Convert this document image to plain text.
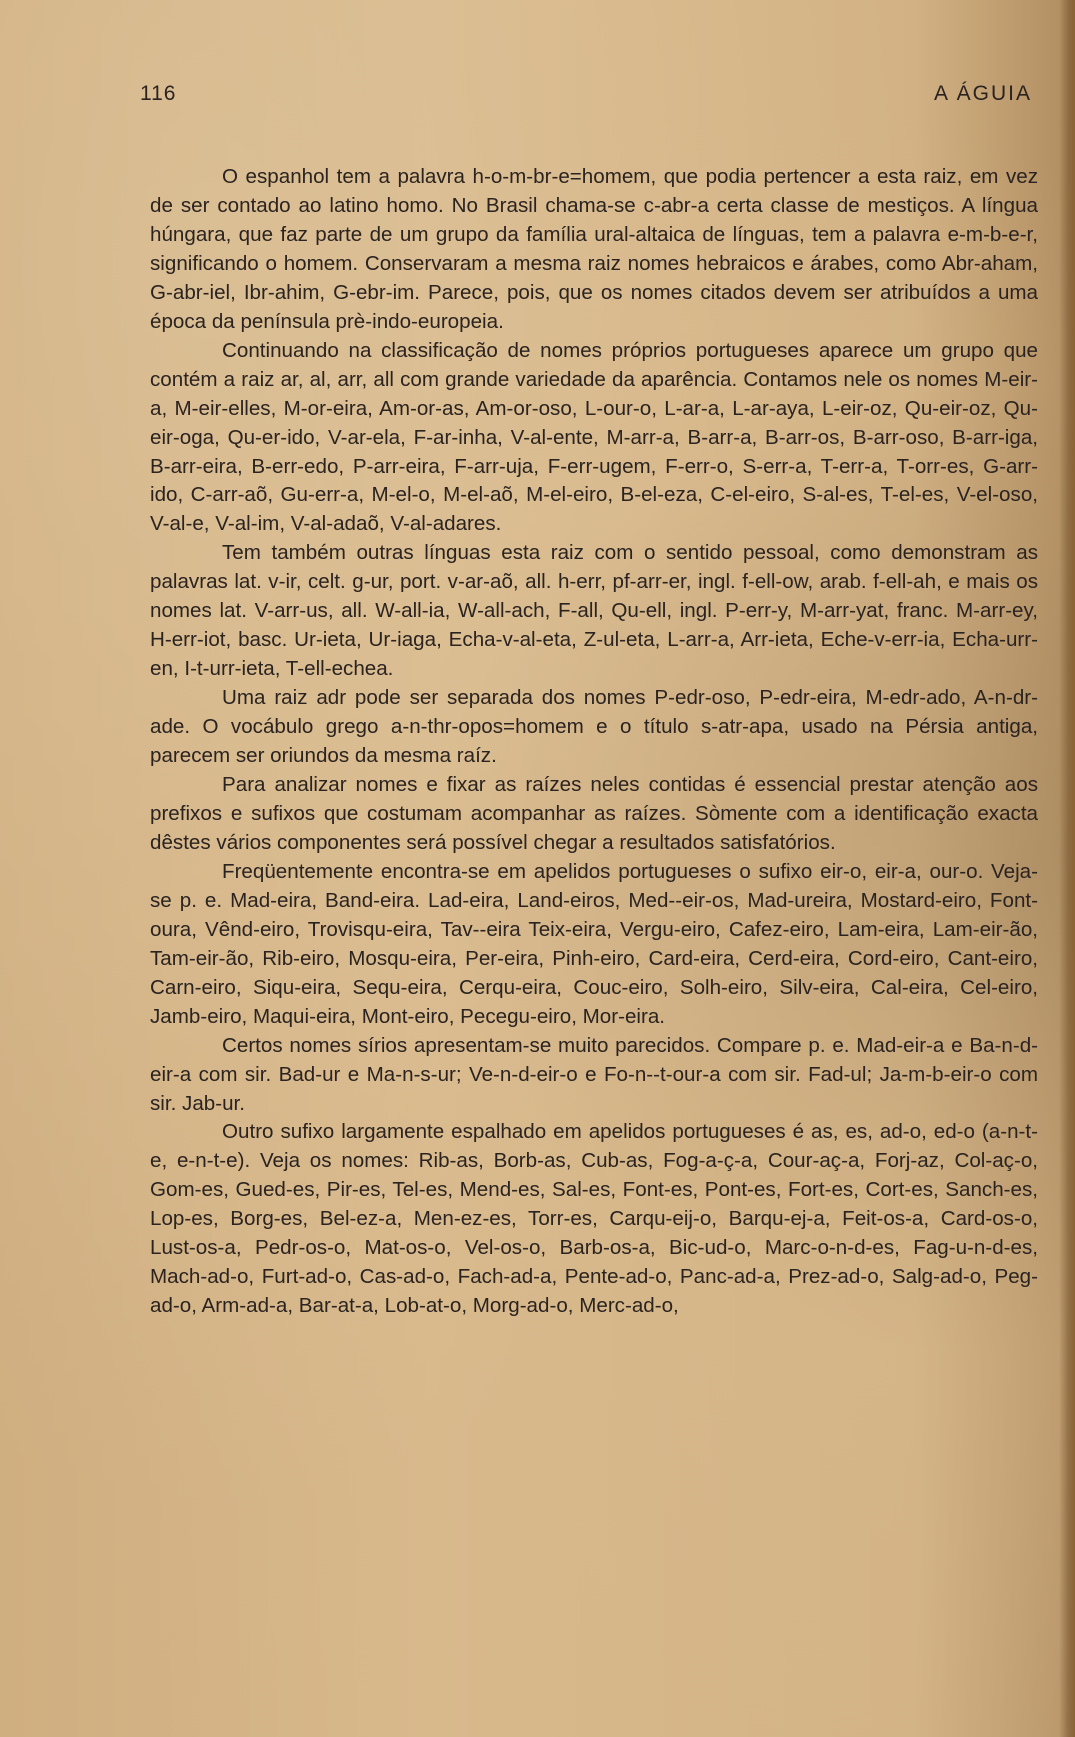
116	A ÁGUIA

O espanhol tem a palavra h-o-m-br-e=homem, que podia pertencer a esta raiz, em vez de ser contado ao latino homo. No Brasil chama-se c-abr-a certa classe de mestiços. A língua húngara, que faz parte de um grupo da família ural-altaica de línguas, tem a palavra e-m-b-e-r, significando o homem. Conservaram a mesma raiz nomes hebraicos e árabes, como Abr-aham, G-abr-iel, Ibr-ahim, G-ebr-im. Parece, pois, que os nomes citados devem ser atribuídos a uma época da península prè-indo-europeia.

Continuando na classificação de nomes próprios portugueses aparece um grupo que contém a raiz ar, al, arr, all com grande variedade da aparência. Contamos nele os nomes M-eir-a, M-eir-elles, M-or-eira, Am-or-as, Am-or-oso, L-our-o, L-ar-a, L-ar-aya, L-eir-oz, Qu-eir-oz, Qu-eir-oga, Qu-er-ido, V-ar-ela, F-ar-inha, V-al-ente, M-arr-a, B-arr-a, B-arr-os, B-arr-oso, B-arr-iga, B-arr-eira, B-err-edo, P-arr-eira, F-arr-uja, F-err-ugem, F-err-o, S-err-a, T-err-a, T-orr-es, G-arr-ido, C-arr-aõ, Gu-err-a, M-el-o, M-el-aõ, M-el-eiro, B-el-eza, C-el-eiro, S-al-es, T-el-es, V-el-oso, V-al-e, V-al-im, V-al-adaõ, V-al-adares.

Tem também outras línguas esta raiz com o sentido pessoal, como demonstram as palavras lat. v-ir, celt. g-ur, port. v-ar-aõ, all. h-err, pf-arr-er, ingl. f-ell-ow, arab. f-ell-ah, e mais os nomes lat. V-arr-us, all. W-all-ia, W-all-ach, F-all, Qu-ell, ingl. P-err-y, M-arr-yat, franc. M-arr-ey, H-err-iot, basc. Ur-ieta, Ur-iaga, Echa-v-al-eta, Z-ul-eta, L-arr-a, Arr-ieta, Eche-v-err-ia, Echa-urr-en, I-t-urr-ieta, T-ell-echea.

Uma raiz adr pode ser separada dos nomes P-edr-oso, P-edr-eira, M-edr-ado, A-n-dr-ade. O vocábulo grego a-n-thr-opos=homem e o título s-atr-apa, usado na Pérsia antiga, parecem ser oriundos da mesma raíz.

Para analizar nomes e fixar as raízes neles contidas é essencial prestar atenção aos prefixos e sufixos que costumam acompanhar as raízes. Sòmente com a identificação exacta dêstes vários componentes será possível chegar a resultados satisfatórios.

Freqüentemente encontra-se em apelidos portugueses o sufixo eir-o, eir-a, our-o. Veja-se p. e. Mad-eira, Band-eira. Lad-eira, Land-eiros, Med--eir-os, Mad-ureira, Mostard-eiro, Font-oura, Vênd-eiro, Trovisqu-eira, Tav--eira Teix-eira, Vergu-eiro, Cafez-eiro, Lam-eira, Lam-eir-ão, Tam-eir-ão, Rib-eiro, Mosqu-eira, Per-eira, Pinh-eiro, Card-eira, Cerd-eira, Cord-eiro, Cant-eiro, Carn-eiro, Siqu-eira, Sequ-eira, Cerqu-eira, Couc-eiro, Solh-eiro, Silv-eira, Cal-eira, Cel-eiro, Jamb-eiro, Maqui-eira, Mont-eiro, Pecegu-eiro, Mor-eira.

Certos nomes sírios apresentam-se muito parecidos. Compare p. e. Mad-eir-a e Ba-n-d-eir-a com sir. Bad-ur e Ma-n-s-ur; Ve-n-d-eir-o e Fo-n--t-our-a com sir. Fad-ul; Ja-m-b-eir-o com sir. Jab-ur.

Outro sufixo largamente espalhado em apelidos portugueses é as, es, ad-o, ed-o (a-n-t-e, e-n-t-e). Veja os nomes: Rib-as, Borb-as, Cub-as, Fog-a-ç-a, Cour-aç-a, Forj-az, Col-aç-o, Gom-es, Gued-es, Pir-es, Tel-es, Mend-es, Sal-es, Font-es, Pont-es, Fort-es, Cort-es, Sanch-es, Lop-es, Borg-es, Bel-ez-a, Men-ez-es, Torr-es, Carqu-eij-o, Barqu-ej-a, Feit-os-a, Card-os-o, Lust-os-a, Pedr-os-o, Mat-os-o, Vel-os-o, Barb-os-a, Bic-ud-o, Marc-o-n-d-es, Fag-u-n-d-es, Mach-ad-o, Furt-ad-o, Cas-ad-o, Fach-ad-a, Pente-ad-o, Panc-ad-a, Prez-ad-o, Salg-ad-o, Peg-ad-o, Arm-ad-a, Bar-at-a, Lob-at-o, Morg-ad-o, Merc-ad-o,
